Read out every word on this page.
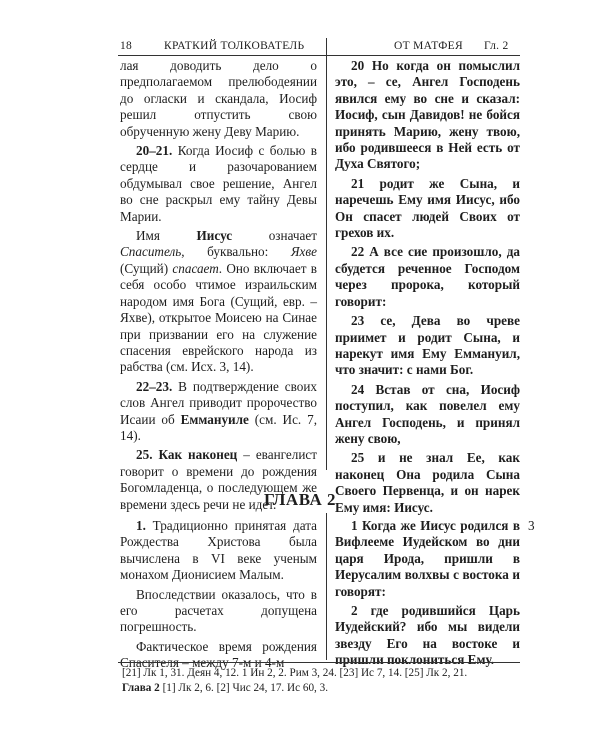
18	КРАТКИЙ ТОЛКОВАТЕЛЬ	ОТ МАТФЕЯ Гл. 2

лая доводить дело о предполагаемом прелюбодеянии до огласки и скандала, Иосиф решил отпустить свою обрученную жену Деву Марию.

20–21. Когда Иосиф с болью в сердце и разочарованием обдумывал свое решение, Ангел во сне раскрыл ему тайну Девы Марии.

Имя Иисус означает Спаситель, буквально: Яхве (Сущий) спасает. Оно включает в себя особо чтимое израильским народом имя Бога (Сущий, евр. – Яхве), открытое Моисею на Синае при призвании его на служение спасения еврейского народа из рабства (см. Исх. 3, 14).

22–23. В подтверждение своих слов Ангел приводит пророчество Исаии об Еммануиле (см. Ис. 7, 14).

25. Как наконец – евангелист говорит о времени до рождения Богомладенца, о последующем же времени здесь речи не идет.

20 Но когда он помыслил это, – се, Ангел Господень явился ему во сне и сказал: Иосиф, сын Давидов! не бойся принять Марию, жену твою, ибо родившееся в Ней есть от Духа Святого;

21 родит же Сына, и наречешь Ему имя Иисус, ибо Он спасет людей Своих от грехов их.

22 А все сие произошло, да сбудется реченное Господом через пророка, который говорит:

23 се, Дева во чреве приимет и родит Сына, и нарекут имя Ему Еммануил, что значит: с нами Бог.

24 Встав от сна, Иосиф поступил, как повелел ему Ангел Господень, и принял жену свою,

25 и не знал Ее, как наконец Она родила Сына Своего Первенца, и он нарек Ему имя: Иисус.

ГЛАВА 2

1. Традиционно принятая дата Рождества Христова была вычислена в VI веке ученым монахом Дионисием Малым.

Впоследствии оказалось, что в его расчетах допущена погрешность.

Фактическое время рождения Спасителя – между 7-м и 4-м

1 Когда же Иисус родился в Вифлееме Иудейском во дни царя Ирода, пришли в Иерусалим волхвы с востока и говорят:

2 где родившийся Царь Иудейский? ибо мы видели звезду Его на востоке и пришли поклониться Ему.

3
[21] Лк 1, 31. Деян 4, 12. 1 Ин 2, 2. Рим 3, 24. [23] Ис 7, 14. [25] Лк 2, 21.
Глава 2 [1] Лк 2, 6. [2] Чис 24, 17. Ис 60, 3.
